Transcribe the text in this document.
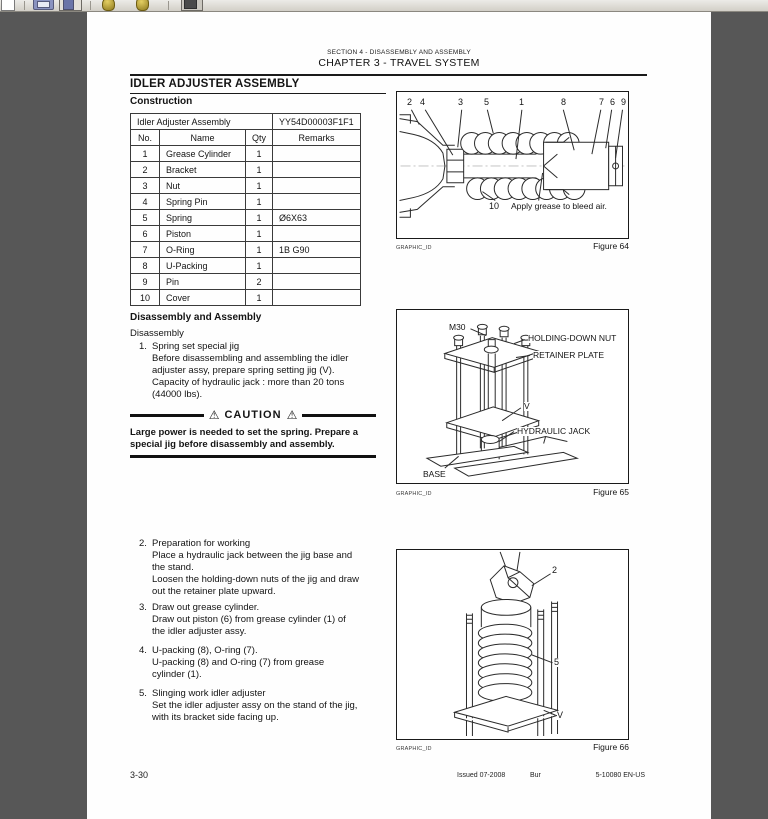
SECTION 4 - DISASSEMBLY AND ASSEMBLY
CHAPTER 3 - TRAVEL SYSTEM
IDLER ADJUSTER ASSEMBLY
Construction
Idler Adjuster Assembly			YY54D00003F1F1
No.	Name	Qty	Remarks
1	Grease Cylinder	1	
2	Bracket	1	
3	Nut	1	
4	Spring Pin	1	
5	Spring	1	Ø6X63
6	Piston	1	
7	O-Ring	1	1B G90
8	U-Packing	1	
9	Pin	2	
10	Cover	1	
Disassembly and Assembly
Disassembly
1. Spring set special jig
Before disassembling and assembling the idler
adjuster assy, prepare spring setting jig (V).
Capacity of hydraulic jack : more than 20 tons
(44000 lbs).
⚠ CAUTION ⚠
Large power is needed to set the spring. Prepare a
special jig before disassembly and assembly.
2. Preparation for working
Place a hydraulic jack between the jig base and
the stand.
Loosen the holding-down nuts of the jig and draw
out the retainer plate upward.
3. Draw out grease cylinder.
Draw out piston (6) from grease cylinder (1) of
the idler adjuster assy.
4. U-packing (8), O-ring (7).
U-packing (8) and O-ring (7) from grease
cylinder (1).
5. Slinging work idler adjuster
Set the idler adjuster assy on the stand of the jig,
with its bracket side facing up.
2 4	3 5	1	8	7 6 9
10 Apply grease to bleed air.
GRAPHIC_ID	Figure 64
M30
HOLDING-DOWN NUT
RETAINER PLATE
V
HYDRAULIC JACK
BASE
GRAPHIC_ID	Figure 65
2
5
V
GRAPHIC_ID	Figure 66
3-30	Issued 07-2008	Bur	5-10080 EN-US
